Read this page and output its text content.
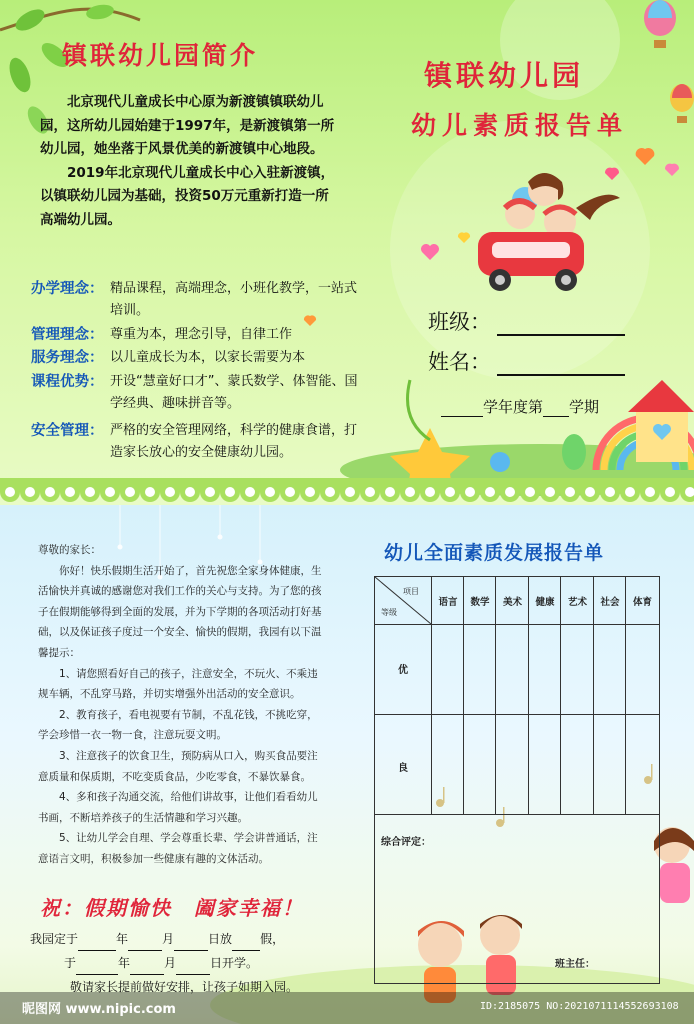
镇联幼儿园简介

北京现代儿童成长中心原为新渡镇镇联幼儿园，这所幼儿园始建于1997年，是新渡镇第一所幼儿园，她坐落于风景优美的新渡镇中心地段。

2019年北京现代儿童成长中心入驻新渡镇，以镇联幼儿园为基础，投资50万元重新打造一所高端幼儿园。

办学理念： 精品课程，高端理念，小班化教学，一站式培训。
管理理念： 尊重为本，理念引导，自律工作
服务理念： 以儿童成长为本，以家长需要为本
课程优势： 开设“慧童好口才”、蒙氏数学、体智能、国学经典、趣味拼音等。
安全管理： 严格的安全管理网络，科学的健康食谱，打造家长放心的安全健康幼儿园。
镇联幼儿园
幼儿素质报告单
班级：
姓名：
学年度第 学期

尊敬的家长：

你好！快乐假期生活开始了，首先祝您全家身体健康，生活愉快并真诚的感谢您对我们工作的关心与支持。为了您的孩子在假期能够得到全面的发展，并为下学期的各项活动打好基础，以及保证孩子度过一个安全、愉快的假期，我园有以下温馨提示：

1、请您照看好自己的孩子，注意安全，不玩火、不乘违规车辆，不乱穿马路，并切实增强外出活动的安全意识。

2、教育孩子，看电视要有节制，不乱花钱，不挑吃穿，学会珍惜一衣一物一食，注意玩耍文明。

3、注意孩子的饮食卫生，预防病从口入，购买食品要注意质量和保质期，不吃变质食品，少吃零食，不暴饮暴食。

4、多和孩子沟通交流，给他们讲故事，让他们看看幼儿书画，不断培养孩子的生活情趣和学习兴趣。

5、让幼儿学会自理、学会尊重长辈、学会讲普通话，注意语言文明，积极参加一些健康有趣的文体活动。

祝：假期愉快　阖家幸福！
我园定于	年	月	日放 假，
于	年	月	日开学。
敬请家长提前做好安排，让孩子如期入园。
幼儿全面素质发展报告单
项目
等级
语言	数学	美术	健康	艺术	社会	体育
优
良
综合评定：
班主任：
昵图网 www.nipic.com	ID:2185075 NO:20210711145526931​08
